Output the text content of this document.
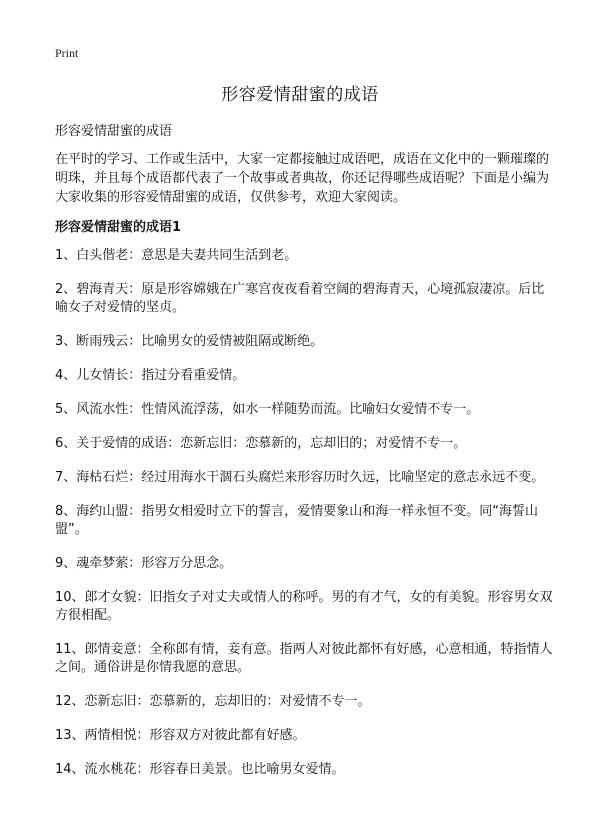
Print
形容爱情甜蜜的成语
形容爱情甜蜜的成语

在平时的学习、工作或生活中，大家一定都接触过成语吧，成语在文化中的一颗璀璨的明珠，并且每个成语都代表了一个故事或者典故，你还记得哪些成语呢？下面是小编为大家收集的形容爱情甜蜜的成语，仅供参考，欢迎大家阅读。

形容爱情甜蜜的成语1
1、白头偕老：意思是夫妻共同生活到老。
2、碧海青天：原是形容嫦娥在广寒宫夜夜看着空阔的碧海青天，心境孤寂凄凉。后比喻女子对爱情的坚贞。
3、断雨残云：比喻男女的爱情被阻隔或断绝。
4、儿女情长：指过分看重爱情。
5、风流水性：性情风流浮荡，如水一样随势而流。比喻妇女爱情不专一。
6、关于爱情的成语：恋新忘旧：恋慕新的，忘却旧的；对爱情不专一。
7、海枯石烂：经过用海水干涸石头腐烂来形容历时久远，比喻坚定的意志永远不变。
8、海约山盟：指男女相爱时立下的誓言，爱情要象山和海一样永恒不变。同“海誓山盟”。
9、魂牵梦萦：形容万分思念。
10、郎才女貌：旧指女子对丈夫或情人的称呼。男的有才气，女的有美貌。形容男女双方很相配。
11、郎情妾意：全称郎有情，妾有意。指两人对彼此都怀有好感，心意相通，特指情人之间。通俗讲是你情我愿的意思。
12、恋新忘旧：恋慕新的，忘却旧的：对爱情不专一。
13、两情相悦：形容双方对彼此都有好感。
14、流水桃花：形容春日美景。也比喻男女爱情。
